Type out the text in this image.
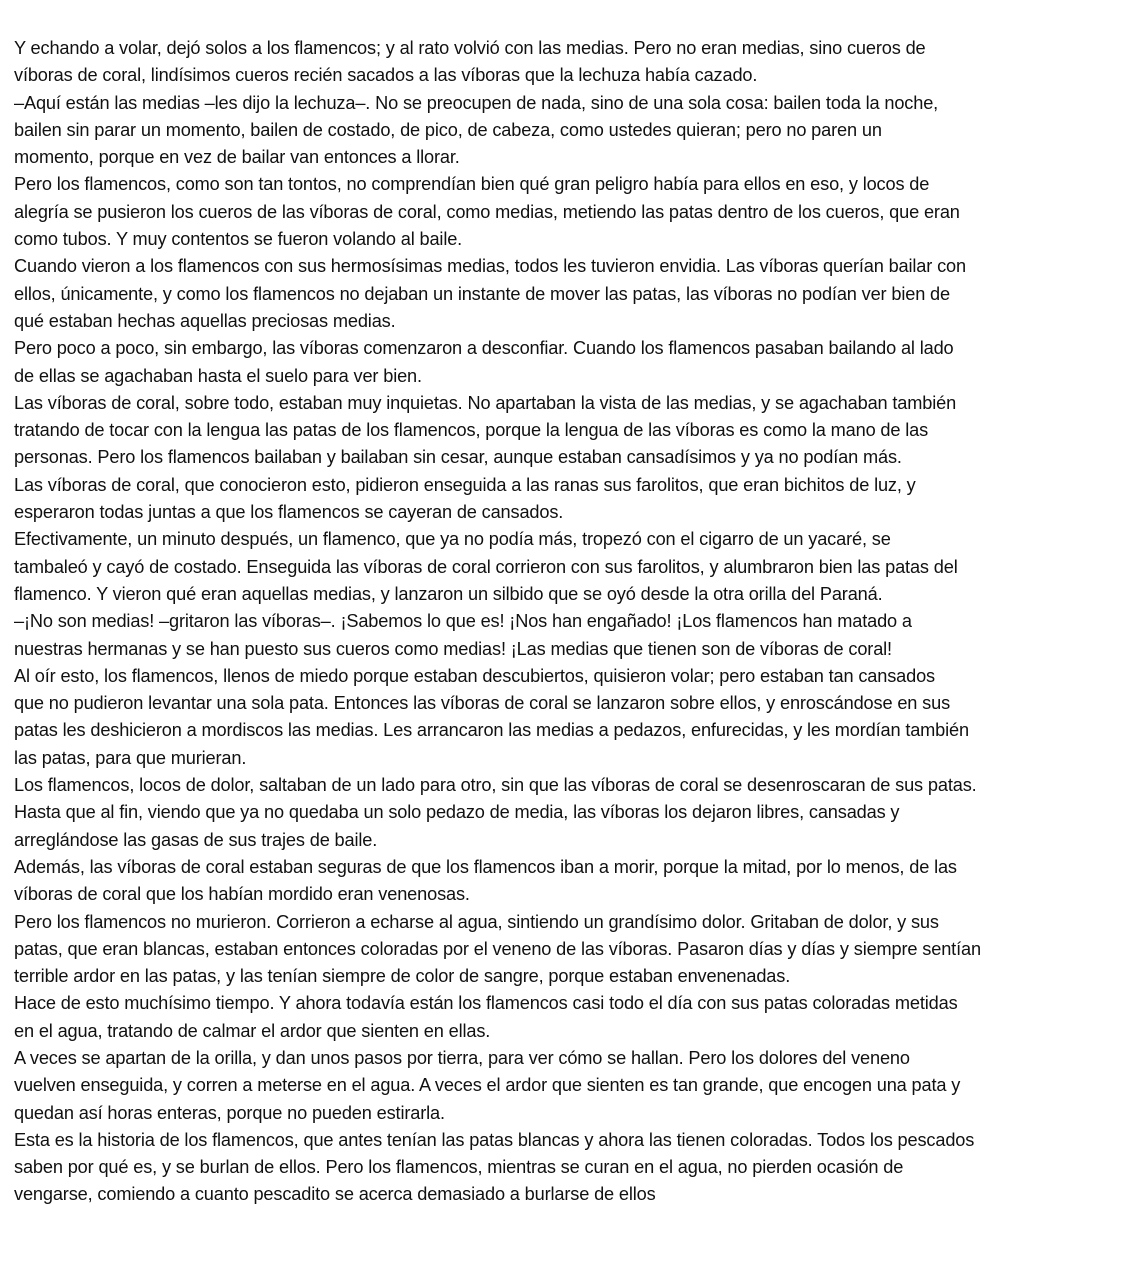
Y echando a volar, dejó solos a los flamencos; y al rato volvió con las medias. Pero no eran medias, sino cueros de
víboras de coral, lindísimos cueros recién sacados a las víboras que la lechuza había cazado.

–Aquí están las medias –les dijo la lechuza–. No se preocupen de nada, sino de una sola cosa: bailen toda la noche,
bailen sin parar un momento, bailen de costado, de pico, de cabeza, como ustedes quieran; pero no paren un
momento, porque en vez de bailar van entonces a llorar.

Pero los flamencos, como son tan tontos, no comprendían bien qué gran peligro había para ellos en eso, y locos de
alegría se pusieron los cueros de las víboras de coral, como medias, metiendo las patas dentro de los cueros, que eran
como tubos. Y muy contentos se fueron volando al baile.

Cuando vieron a los flamencos con sus hermosísimas medias, todos les tuvieron envidia. Las víboras querían bailar con
ellos, únicamente, y como los flamencos no dejaban un instante de mover las patas, las víboras no podían ver bien de
qué estaban hechas aquellas preciosas medias.

Pero poco a poco, sin embargo, las víboras comenzaron a desconfiar. Cuando los flamencos pasaban bailando al lado
de ellas se agachaban hasta el suelo para ver bien.

Las víboras de coral, sobre todo, estaban muy inquietas. No apartaban la vista de las medias, y se agachaban también
tratando de tocar con la lengua las patas de los flamencos, porque la lengua de las víboras es como la mano de las
personas. Pero los flamencos bailaban y bailaban sin cesar, aunque estaban cansadísimos y ya no podían más.

Las víboras de coral, que conocieron esto, pidieron enseguida a las ranas sus farolitos, que eran bichitos de luz, y
esperaron todas juntas a que los flamencos se cayeran de cansados.

Efectivamente, un minuto después, un flamenco, que ya no podía más, tropezó con el cigarro de un yacaré, se
tambaleó y cayó de costado. Enseguida las víboras de coral corrieron con sus farolitos, y alumbraron bien las patas del
flamenco. Y vieron qué eran aquellas medias, y lanzaron un silbido que se oyó desde la otra orilla del Paraná.

–¡No son medias! –gritaron las víboras–. ¡Sabemos lo que es! ¡Nos han engañado! ¡Los flamencos han matado a
nuestras hermanas y se han puesto sus cueros como medias! ¡Las medias que tienen son de víboras de coral!

Al oír esto, los flamencos, llenos de miedo porque estaban descubiertos, quisieron volar; pero estaban tan cansados
que no pudieron levantar una sola pata. Entonces las víboras de coral se lanzaron sobre ellos, y enroscándose en sus
patas les deshicieron a mordiscos las medias. Les arrancaron las medias a pedazos, enfurecidas, y les mordían también
las patas, para que murieran.

Los flamencos, locos de dolor, saltaban de un lado para otro, sin que las víboras de coral se desenroscaran de sus patas.
Hasta que al fin, viendo que ya no quedaba un solo pedazo de media, las víboras los dejaron libres, cansadas y
arreglándose las gasas de sus trajes de baile.

Además, las víboras de coral estaban seguras de que los flamencos iban a morir, porque la mitad, por lo menos, de las
víboras de coral que los habían mordido eran venenosas.

Pero los flamencos no murieron. Corrieron a echarse al agua, sintiendo un grandísimo dolor. Gritaban de dolor, y sus
patas, que eran blancas, estaban entonces coloradas por el veneno de las víboras. Pasaron días y días y siempre sentían
terrible ardor en las patas, y las tenían siempre de color de sangre, porque estaban envenenadas.

Hace de esto muchísimo tiempo. Y ahora todavía están los flamencos casi todo el día con sus patas coloradas metidas
en el agua, tratando de calmar el ardor que sienten en ellas.

A veces se apartan de la orilla, y dan unos pasos por tierra, para ver cómo se hallan. Pero los dolores del veneno
vuelven enseguida, y corren a meterse en el agua. A veces el ardor que sienten es tan grande, que encogen una pata y
quedan así horas enteras, porque no pueden estirarla.

Esta es la historia de los flamencos, que antes tenían las patas blancas y ahora las tienen coloradas. Todos los pescados
saben por qué es, y se burlan de ellos. Pero los flamencos, mientras se curan en el agua, no pierden ocasión de
vengarse, comiendo a cuanto pescadito se acerca demasiado a burlarse de ellos
